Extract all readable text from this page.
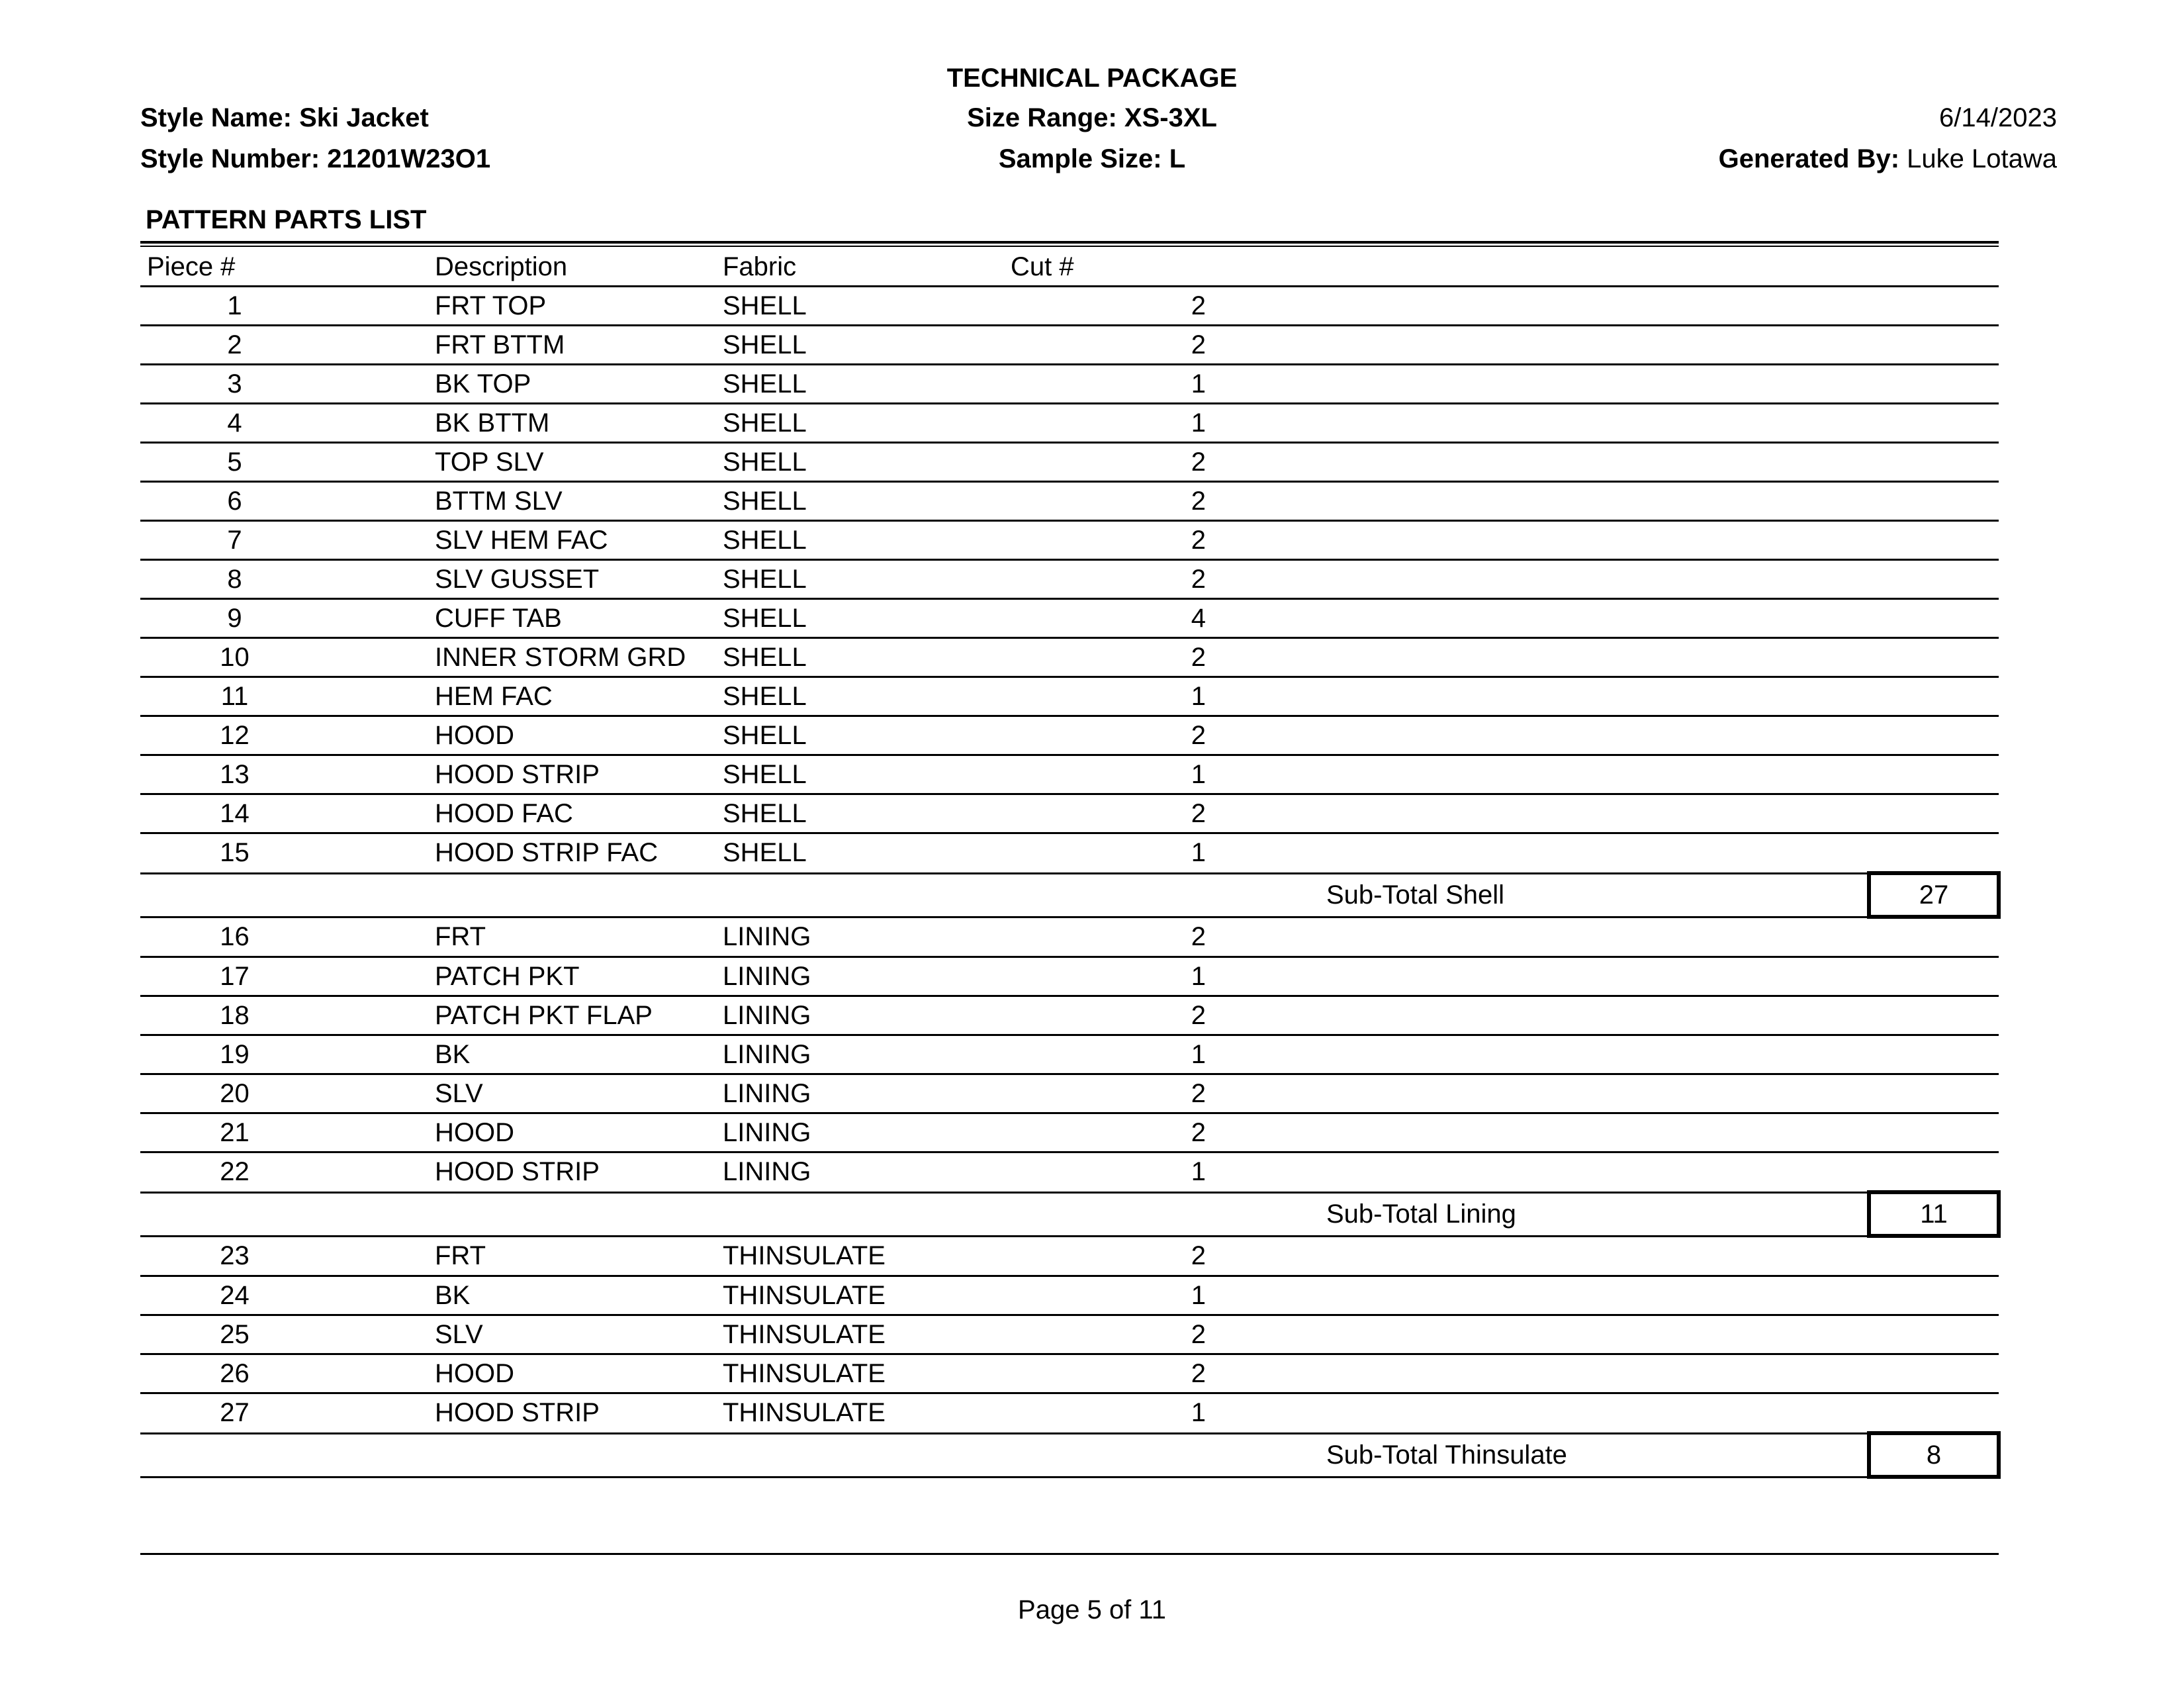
TECHNICAL PACKAGE
Size Range: XS-3XL
Sample Size: L
Style Name: Ski Jacket
Style Number: 21201W23O1
6/14/2023
Generated By: Luke Lotawa
PATTERN PARTS LIST
Piece #	Description	Fabric	Cut #			
1	FRT TOP	SHELL	2			
2	FRT BTTM	SHELL	2			
3	BK TOP	SHELL	1			
4	BK BTTM	SHELL	1			
5	TOP SLV	SHELL	2			
6	BTTM SLV	SHELL	2			
7	SLV HEM FAC	SHELL	2			
8	SLV GUSSET	SHELL	2			
9	CUFF TAB	SHELL	4			
10	INNER STORM GRD	SHELL	2			
11	HEM FAC	SHELL	1			
12	HOOD	SHELL	2			
13	HOOD STRIP	SHELL	1			
14	HOOD FAC	SHELL	2			
15	HOOD STRIP FAC	SHELL	1			
				Sub-Total Shell		27
16	FRT	LINING	2			
17	PATCH PKT	LINING	1			
18	PATCH PKT FLAP	LINING	2			
19	BK	LINING	1			
20	SLV	LINING	2			
21	HOOD	LINING	2			
22	HOOD STRIP	LINING	1			
				Sub-Total Lining		11
23	FRT	THINSULATE	2			
24	BK	THINSULATE	1			
25	SLV	THINSULATE	2			
26	HOOD	THINSULATE	2			
27	HOOD STRIP	THINSULATE	1			
				Sub-Total Thinsulate		8
Page 5 of 11
